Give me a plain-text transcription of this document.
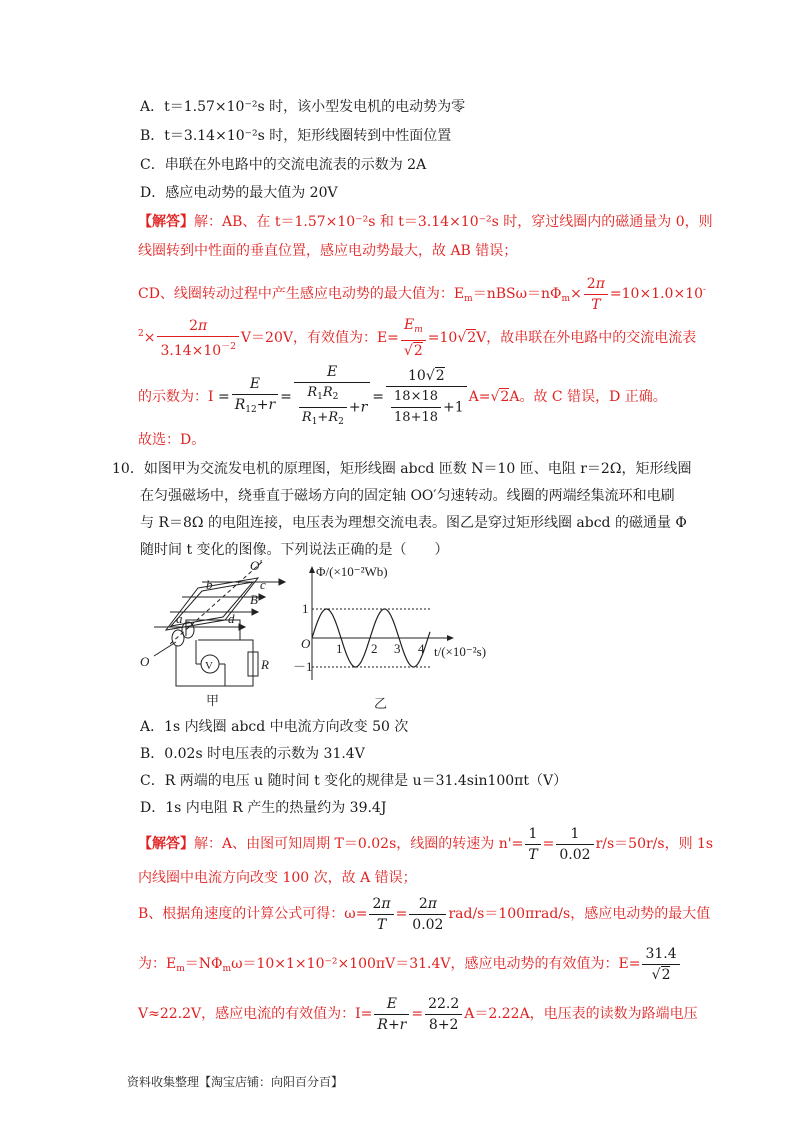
A．t＝1.57×10⁻²s 时，该小型发电机的电动势为零
B．t＝3.14×10⁻²s 时，矩形线圈转到中性面位置
C．串联在外电路中的交流电流表的示数为 2A
D．感应电动势的最大值为 20V
【解答】解：AB、在 t＝1.57×10⁻²s 和 t＝3.14×10⁻²s 时，穿过线圈内的磁通量为 0，则
线圈转到中性面的垂直位置，感应电动势最大，故 AB 错误；
CD、线圈转动过程中产生感应电动势的最大值为：$E_m=nBS\omega=n\Phi_m\times \frac{2\pi}{T} =10\times 1.0\times 10^-$
$^2\times \frac{2\pi}{3.14\times 10^{-2}} V=20V$，有效值为：$E= \frac{E_m}{√2} =10√2V$，故串联在外电路中的交流电流表
的示数为：$I = \frac{E}{R_{12}+r} = \frac{E}{\frac{R_1R_2}{R_1+R_2} +r} = \frac{10√2}{\frac{18\times 18}{18+18} +1} A=√2A$。故 C 错误，D 正确。
故选：D。
10．如图甲为交流发电机的原理图，矩形线圈 abcd 匝数 N＝10 匝、电阻 r＝2Ω，矩形线圈
在匀强磁场中，绕垂直于磁场方向的固定轴 OO′匀速转动。线圈的两端经集流环和电刷
与 R＝8Ω 的电阻连接，电压表为理想交流电表。图乙是穿过矩形线圈 abcd 的磁通量 Φ
随时间 t 变化的图像。下列说法正确的是（　　）
O '
b	c
B
a	d
O	V	R
甲
Φ/(×10⁻²Wb)
t/(×10⁻²s)
O
1
－1
1 2 3 4
乙
A．1s 内线圈 abcd 中电流方向改变 50 次
B．0.02s 时电压表的示数为 31.4V
C．R 两端的电压 u 随时间 t 变化的规律是 u＝31.4sin100πt（V）
D．1s 内电阻 R 产生的热量约为 39.4J
【解答】解：A、由图可知周期 T＝0.02s，线圈的转速为 $n'= \frac{1}{T} = \frac{1}{0.02} r/s=50r/s$，则 1s
内线圈中电流方向改变 100 次，故 A 错误；
B、根据角速度的计算公式可得：$\omega= \frac{2\pi}{T} = \frac{2\pi}{0.02} rad/s=100\pi rad/s$，感应电动势的最大值
为：$E_m=N\Phi_m\omega=10\times 1\times 10^{-2}\times 100\pi V=31.4V$，感应电动势的有效值为：$E= \frac{31.4}{√2}$
V≈22.2V，感应电流的有效值为：$I= \frac{E}{R+r} = \frac{22.2}{8+2} A=2.22A$，电压表的读数为路端电压
资料收集整理【淘宝店铺：向阳百分百】
